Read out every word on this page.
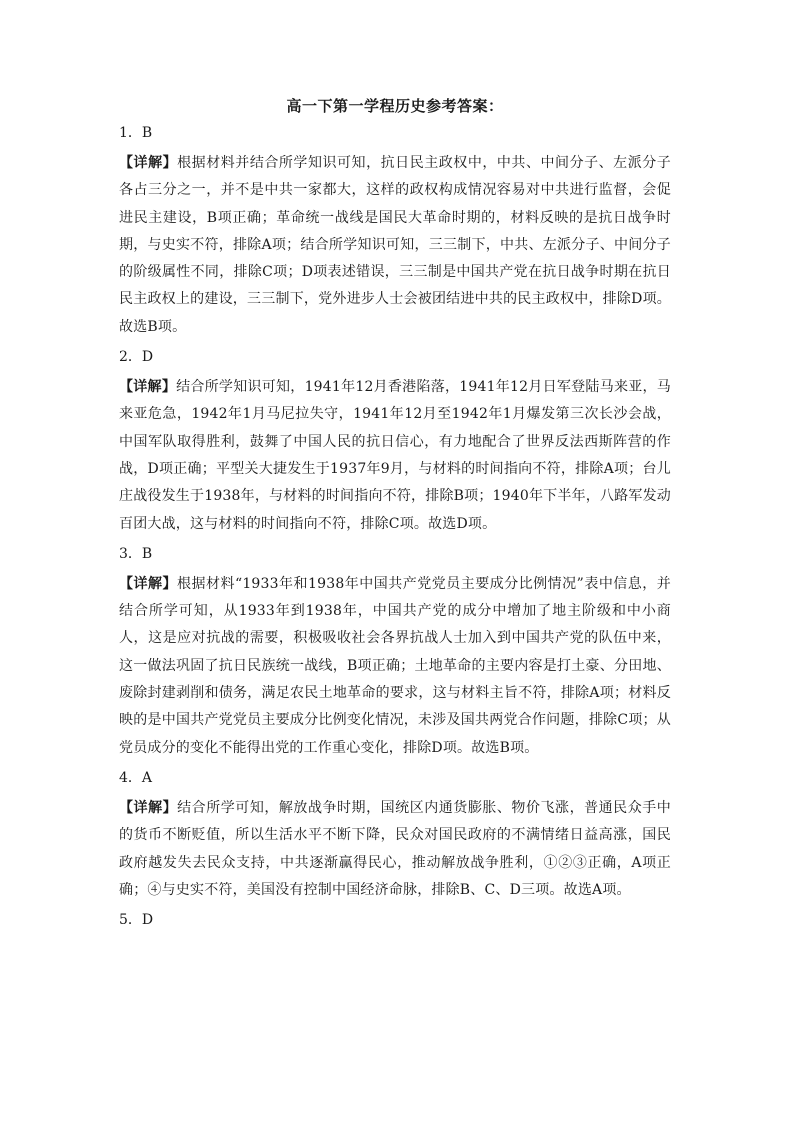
高一下第一学程历史参考答案：
1．B
【详解】根据材料并结合所学知识可知，抗日民主政权中，中共、中间分子、左派分子各占三分之一，并不是中共一家都大，这样的政权构成情况容易对中共进行监督，会促进民主建设，B项正确；革命统一战线是国民大革命时期的，材料反映的是抗日战争时期，与史实不符，排除A项；结合所学知识可知，三三制下，中共、左派分子、中间分子的阶级属性不同，排除C项；D项表述错误，三三制是中国共产党在抗日战争时期在抗日民主政权上的建设，三三制下，党外进步人士会被团结进中共的民主政权中，排除D项。故选B项。
2．D
【详解】结合所学知识可知，1941年12月香港陷落，1941年12月日军登陆马来亚，马来亚危急，1942年1月马尼拉失守，1941年12月至1942年1月爆发第三次长沙会战，中国军队取得胜利，鼓舞了中国人民的抗日信心，有力地配合了世界反法西斯阵营的作战，D项正确；平型关大捷发生于1937年9月，与材料的时间指向不符，排除A项；台儿庄战役发生于1938年，与材料的时间指向不符，排除B项；1940年下半年，八路军发动百团大战，这与材料的时间指向不符，排除C项。故选D项。
3．B
【详解】根据材料“1933年和1938年中国共产党党员主要成分比例情况”表中信息，并结合所学可知，从1933年到1938年，中国共产党的成分中增加了地主阶级和中小商人，这是应对抗战的需要，积极吸收社会各界抗战人士加入到中国共产党的队伍中来，这一做法巩固了抗日民族统一战线，B项正确；土地革命的主要内容是打土豪、分田地、废除封建剥削和债务，满足农民土地革命的要求，这与材料主旨不符，排除A项；材料反映的是中国共产党党员主要成分比例变化情况，未涉及国共两党合作问题，排除C项；从党员成分的变化不能得出党的工作重心变化，排除D项。故选B项。
4．A
【详解】结合所学可知，解放战争时期，国统区内通货膨胀、物价飞涨，普通民众手中的货币不断贬值，所以生活水平不断下降，民众对国民政府的不满情绪日益高涨，国民政府越发失去民众支持，中共逐渐赢得民心，推动解放战争胜利，①②③正确，A项正确；④与史实不符，美国没有控制中国经济命脉，排除B、C、D三项。故选A项。
5．D
